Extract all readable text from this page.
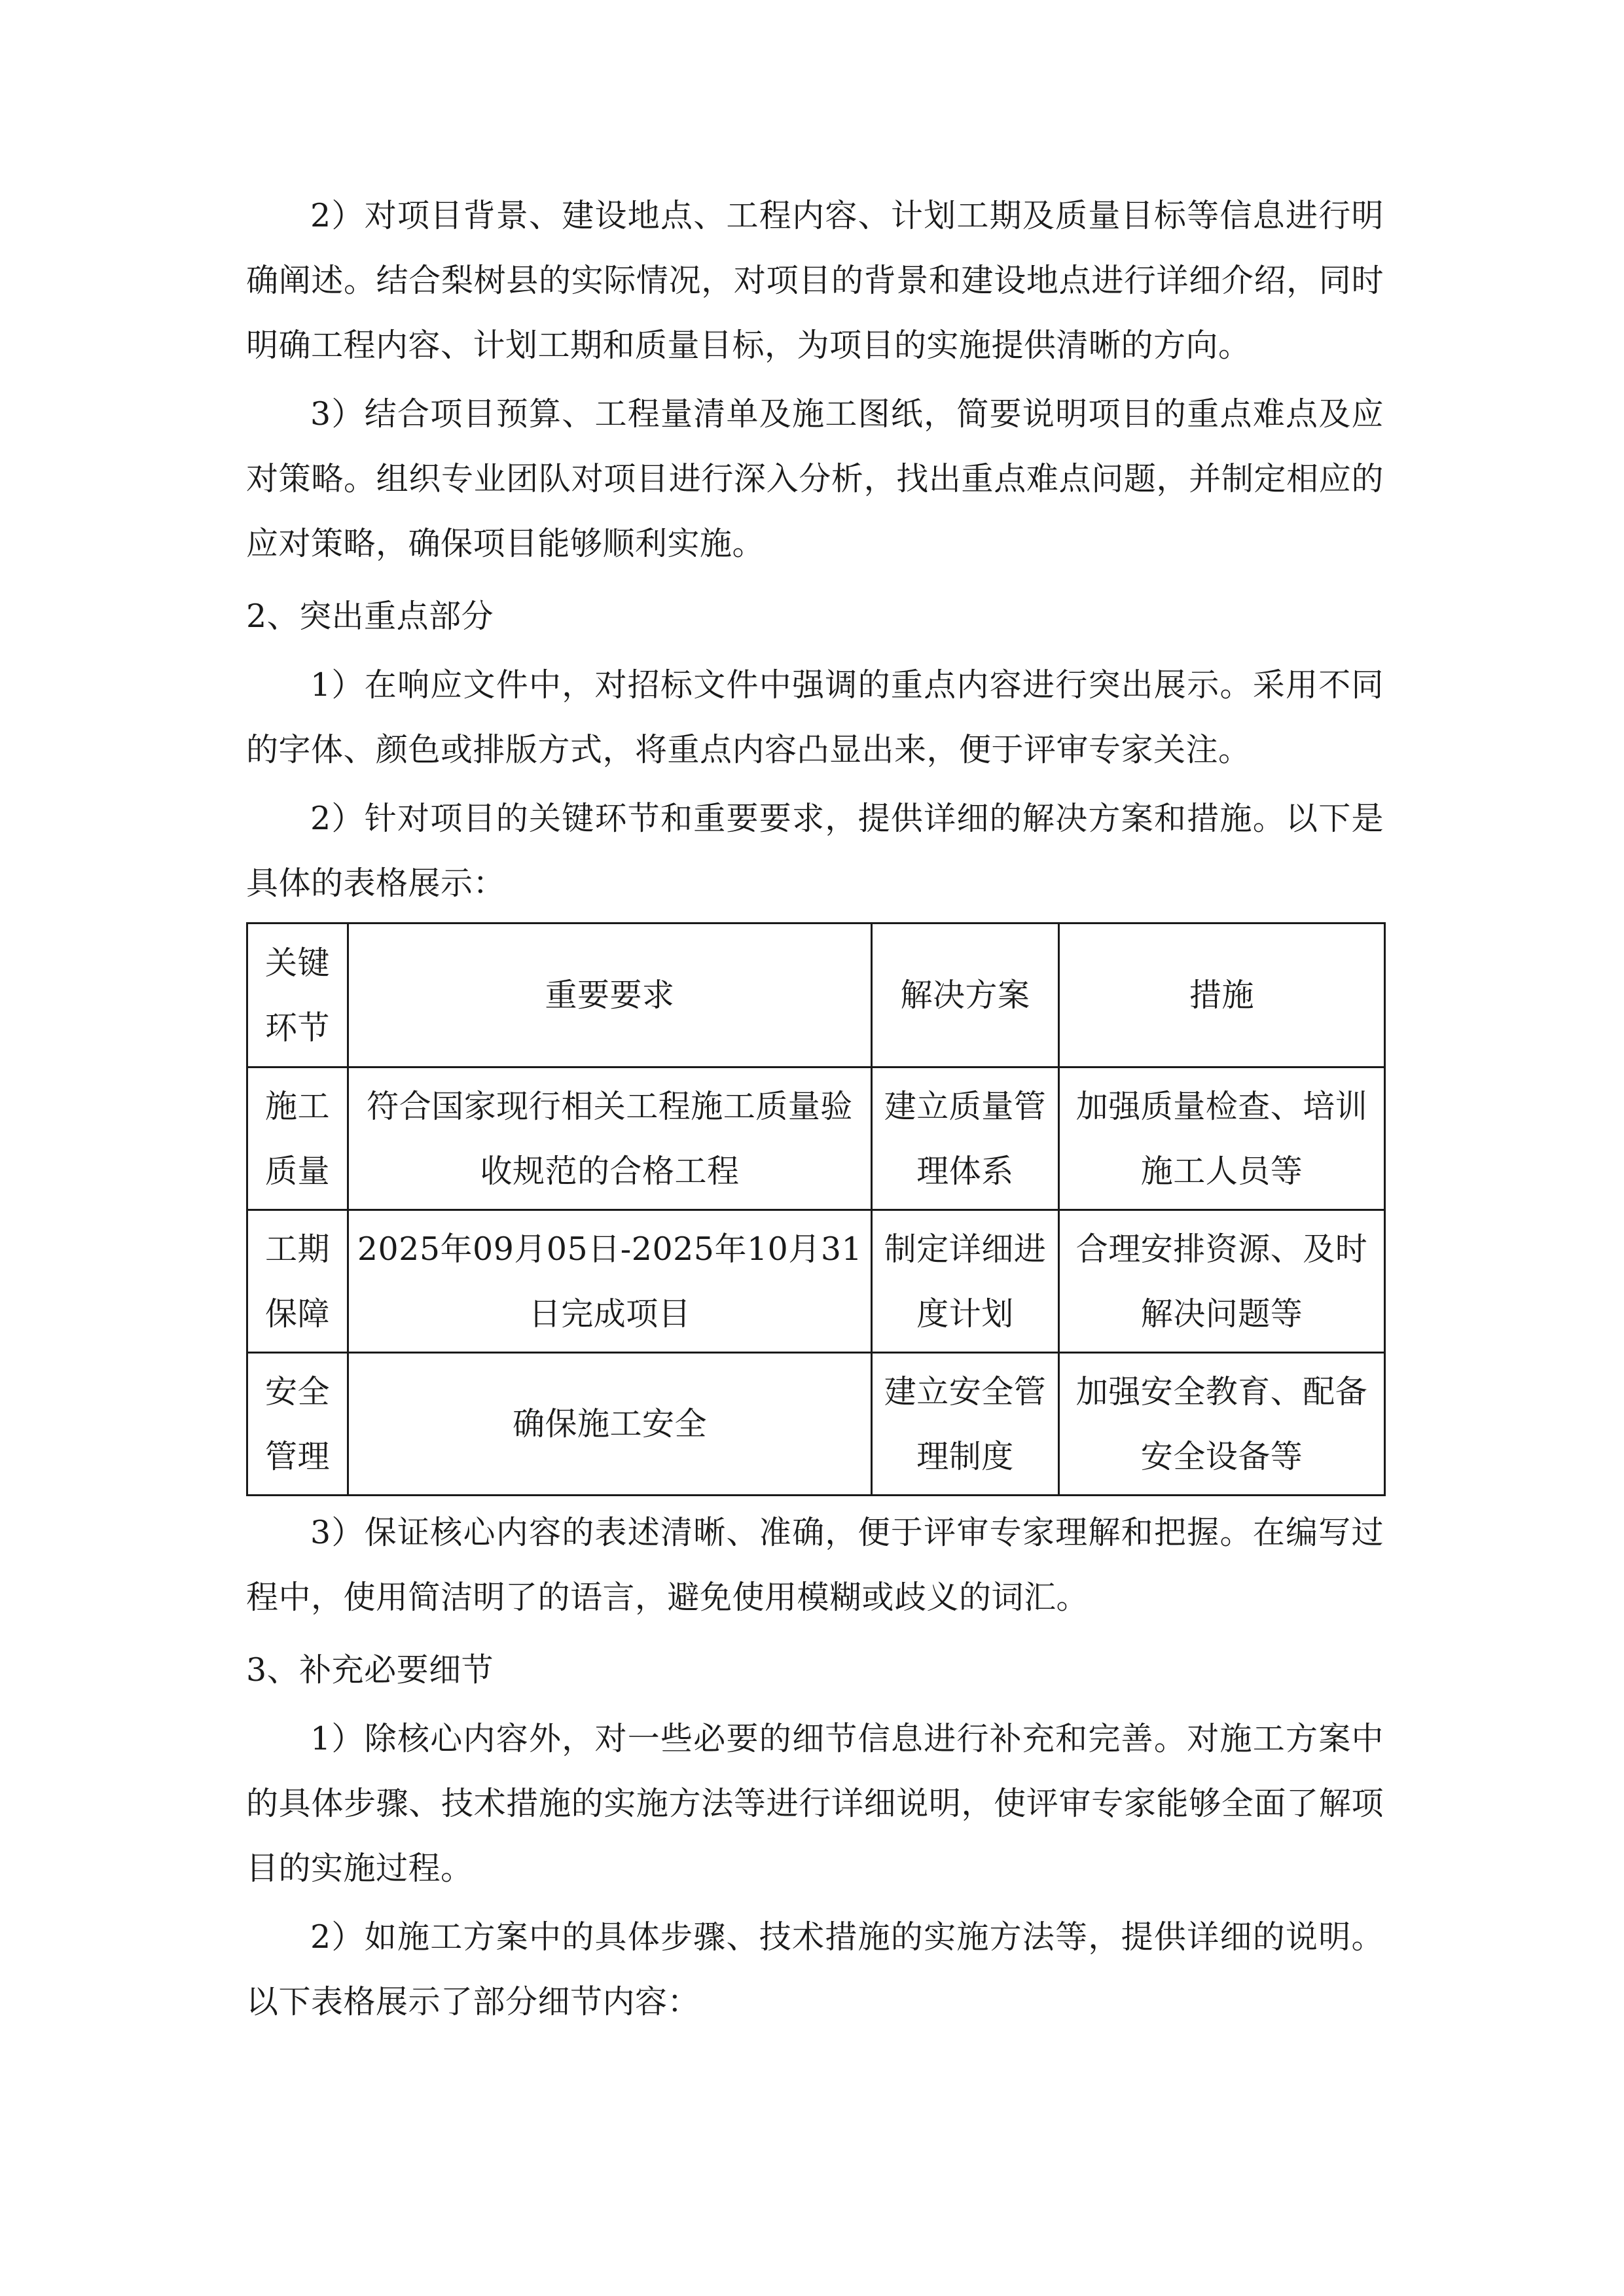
2）对项目背景、建设地点、工程内容、计划工期及质量目标等信息进行明确阐述。结合梨树县的实际情况，对项目的背景和建设地点进行详细介绍，同时明确工程内容、计划工期和质量目标，为项目的实施提供清晰的方向。

3）结合项目预算、工程量清单及施工图纸，简要说明项目的重点难点及应对策略。组织专业团队对项目进行深入分析，找出重点难点问题，并制定相应的应对策略，确保项目能够顺利实施。

2、突出重点部分

1）在响应文件中，对招标文件中强调的重点内容进行突出展示。采用不同的字体、颜色或排版方式，将重点内容凸显出来，便于评审专家关注。

2）针对项目的关键环节和重要要求，提供详细的解决方案和措施。以下是具体的表格展示：

关键环节	重要要求	解决方案	措施
施工质量	符合国家现行相关工程施工质量验收规范的合格工程	建立质量管理体系	加强质量检查、培训施工人员等
工期保障	2025年09月05日-2025年10月31日完成项目	制定详细进度计划	合理安排资源、及时解决问题等
安全管理	确保施工安全	建立安全管理制度	加强安全教育、配备安全设备等

3）保证核心内容的表述清晰、准确，便于评审专家理解和把握。在编写过程中，使用简洁明了的语言，避免使用模糊或歧义的词汇。

3、补充必要细节

1）除核心内容外，对一些必要的细节信息进行补充和完善。对施工方案中的具体步骤、技术措施的实施方法等进行详细说明，使评审专家能够全面了解项目的实施过程。

2）如施工方案中的具体步骤、技术措施的实施方法等，提供详细的说明。以下表格展示了部分细节内容：
